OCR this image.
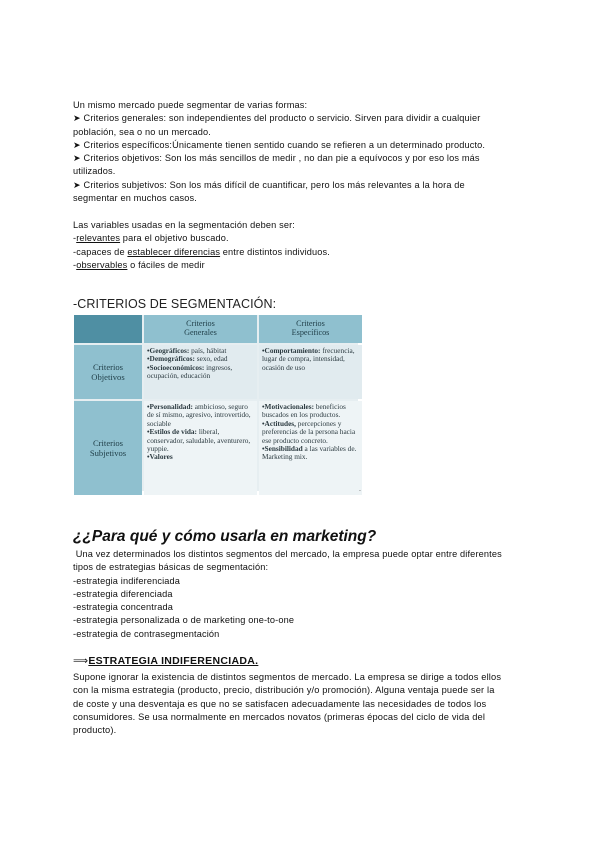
Un mismo mercado puede segmentar de varias formas:
➤ Criterios generales: son independientes del producto o servicio. Sirven para dividir a cualquier
población, sea o no un mercado.
➤ Criterios específicos:Únicamente tienen sentido cuando se refieren a un determinado producto.
➤ Criterios objetivos: Son los más sencillos de medir , no dan pie a equívocos y por eso los más
utilizados.
➤ Criterios subjetivos: Son los más difícil de cuantificar, pero los más relevantes a la hora de
segmentar en muchos casos.
Las variables usadas en la segmentación deben ser:
-relevantes para el objetivo buscado.
-capaces de establecer diferencias entre distintos individuos.
-observables o fáciles de medir
-CRITERIOS DE SEGMENTACIÓN:
Criterios
Generales
Criterios
Específicos
Criterios
Objetivos
•Geográficos: país, hábitat
•Demográficos: sexo, edad
•Socioeconómicos: ingresos, ocupación, educación
•Comportamiento: frecuencia, lugar de compra, intensidad, ocasión de uso
Criterios
Subjetivos
•Personalidad: ambicioso, seguro de sí mismo, agresivo, introvertido, sociable
•Estilos de vida: liberal, conservador, saludable, aventurero, yuppie.
•Valores
•Motivacionales: beneficios buscados en los productos.
•Actitudes, percepciones y preferencias de la persona hacia ese producto concreto.
•Sensibilidad a las variables de. Marketing mix.
.
¿¿Para qué y cómo usarla en marketing?
Una vez determinados los distintos segmentos del mercado, la empresa puede optar entre diferentes
tipos de estrategias básicas de segmentación:
-estrategia indiferenciada
-estrategia diferenciada
-estrategia concentrada
-estrategia personalizada o de marketing one-to-one
-estrategia de contrasegmentación
⟹ESTRATEGIA INDIFERENCIADA.
Supone ignorar la existencia de distintos segmentos de mercado. La empresa se dirige a todos ellos
con la misma estrategia (producto, precio, distribución y/o promoción). Alguna ventaja puede ser la
de coste y una desventaja es que no se satisfacen adecuadamente las necesidades de todos los
consumidores. Se usa normalmente en mercados novatos (primeras épocas del ciclo de vida del
producto).
